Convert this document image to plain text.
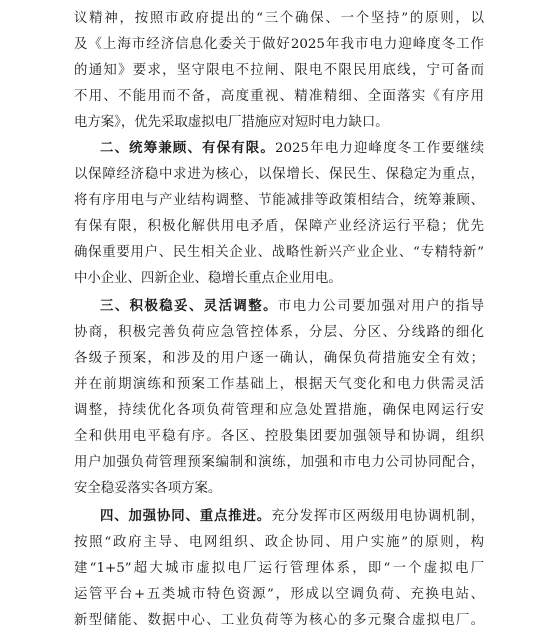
议精神，按照市政府提出的“三个确保、一个坚持”的原则，以
及《上海市经济信息化委关于做好2025年我市电力迎峰度冬工作
的通知》要求，坚守限电不拉闸、限电不限民用底线，宁可备而
不用、不能用而不备，高度重视、精准精细、全面落实《有序用
电方案》，优先采取虚拟电厂措施应对短时电力缺口。
二、统筹兼顾、有保有限。2025年电力迎峰度冬工作要继续
以保障经济稳中求进为核心，以保增长、保民生、保稳定为重点，
将有序用电与产业结构调整、节能减排等政策相结合，统筹兼顾、
有保有限，积极化解供用电矛盾，保障产业经济运行平稳；优先
确保重要用户、民生相关企业、战略性新兴产业企业、“专精特新”
中小企业、四新企业、稳增长重点企业用电。
三、积极稳妥、灵活调整。市电力公司要加强对用户的指导
协商，积极完善负荷应急管控体系，分层、分区、分线路的细化
各级子预案，和涉及的用户逐一确认，确保负荷措施安全有效；
并在前期演练和预案工作基础上，根据天气变化和电力供需灵活
调整，持续优化各项负荷管理和应急处置措施，确保电网运行安
全和供用电平稳有序。各区、控股集团要加强领导和协调，组织
用户加强负荷管理预案编制和演练，加强和市电力公司协同配合，
安全稳妥落实各项方案。
四、加强协同、重点推进。充分发挥市区两级用电协调机制，
按照“政府主导、电网组织、政企协同、用户实施”的原则，构
建“1+5”超大城市虚拟电厂运行管理体系，即“一个虚拟电厂
运管平台+五类城市特色资源”，形成以空调负荷、充换电站、
新型储能、数据中心、工业负荷等为核心的多元聚合虚拟电厂。
